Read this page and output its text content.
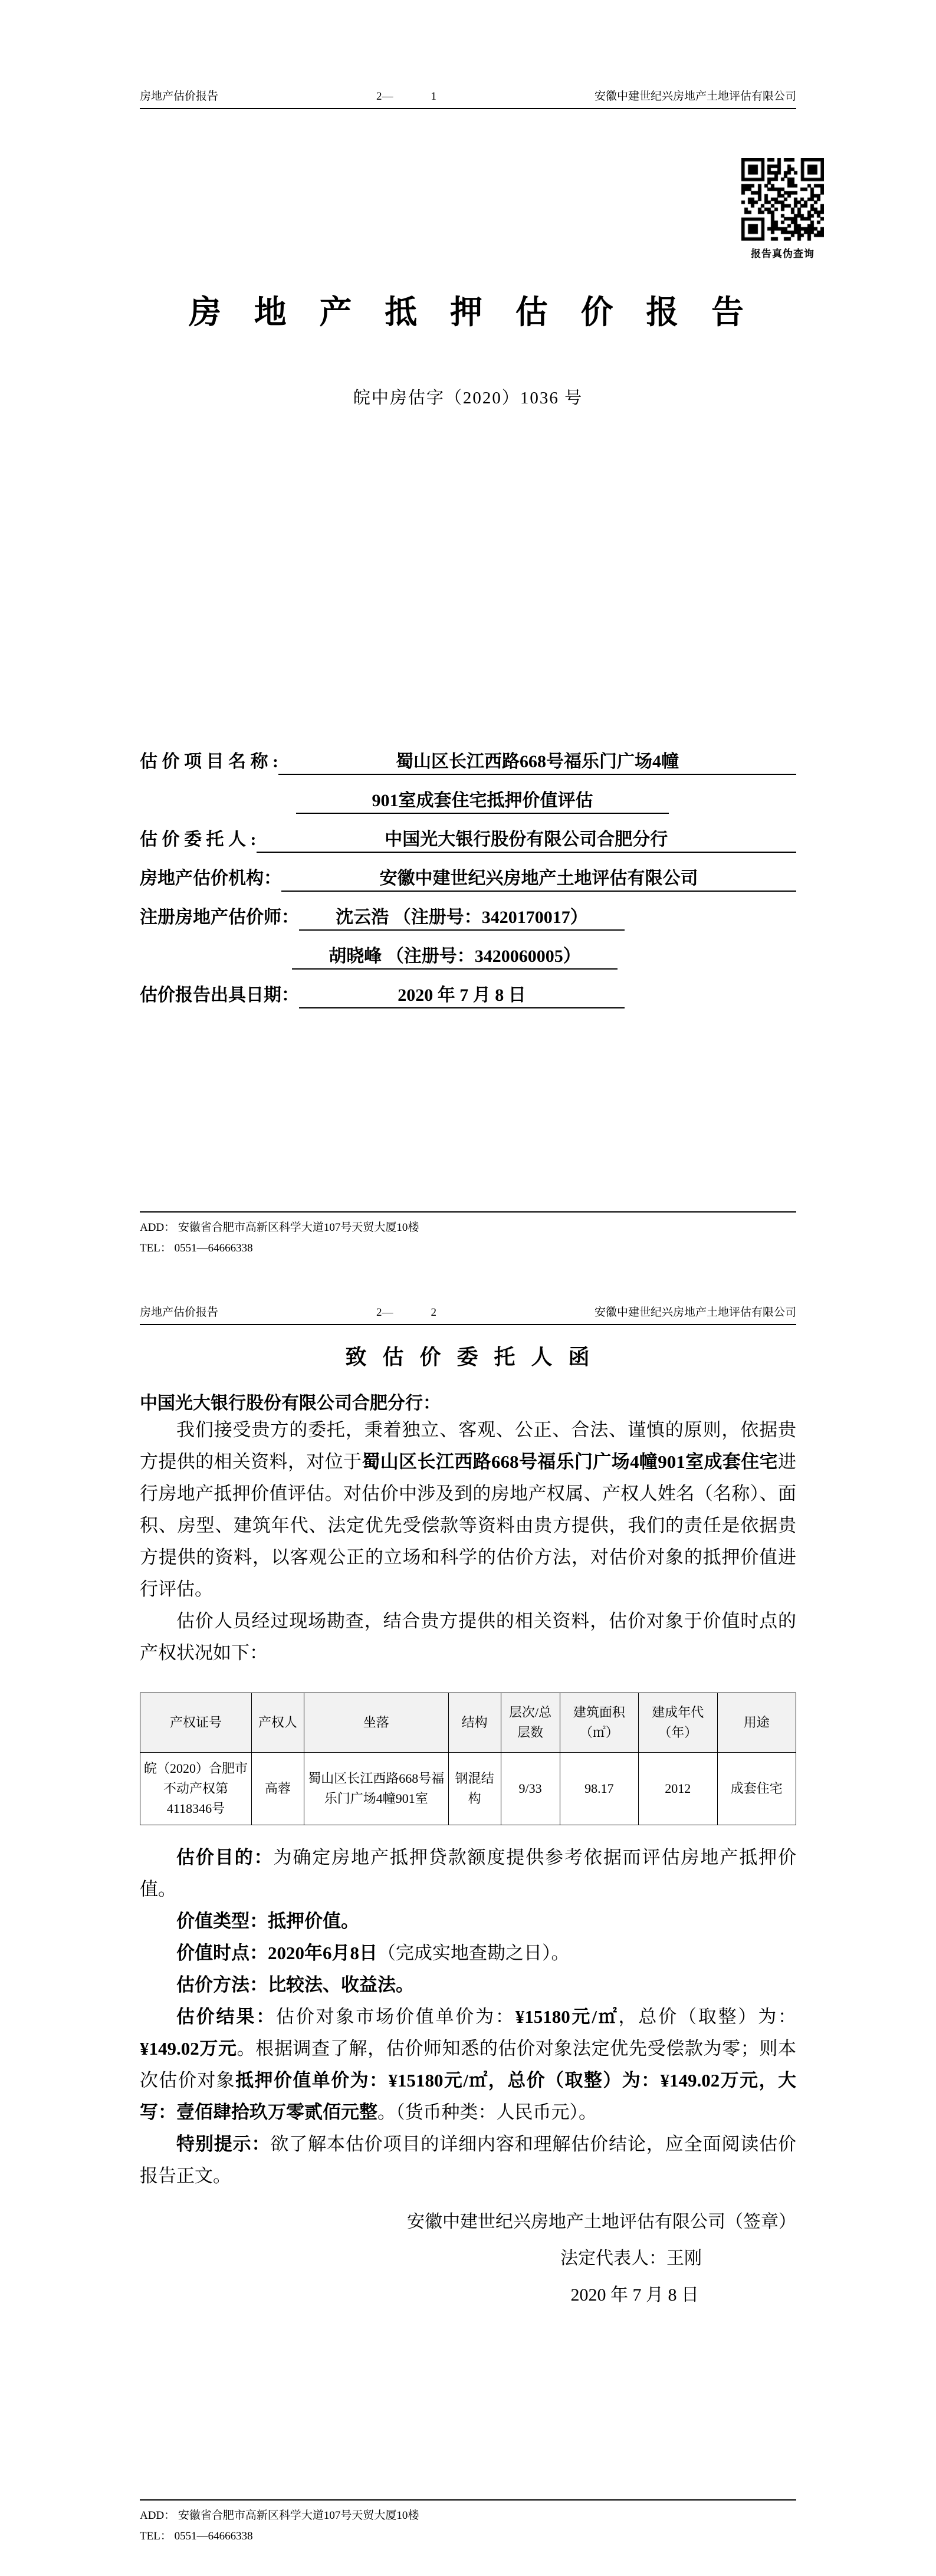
房地产估价报告	2—	1	安徽中建世纪兴房地产土地评估有限公司
报告真伪查询
房 地 产 抵 押 估 价 报 告
皖中房估字（2020）1036 号
估 价 项 目 名 称 :	蜀山区长江西路668号福乐门广场4幢
901室成套住宅抵押价值评估
估 价 委 托 人 :	中国光大银行股份有限公司合肥分行
房地产估价机构：	安徽中建世纪兴房地产土地评估有限公司
注册房地产估价师：	沈云浩 （注册号：3420170017）
胡晓峰 （注册号：3420060005）
估价报告出具日期：	2020 年 7 月 8 日
ADD： 安徽省合肥市高新区科学大道107号天贸大厦10楼
TEL： 0551—64666338
房地产估价报告	2—	2	安徽中建世纪兴房地产土地评估有限公司
致 估 价 委 托 人 函
中国光大银行股份有限公司合肥分行：

我们接受贵方的委托，秉着独立、客观、公正、合法、谨慎的原则，依据贵方提供的相关资料，对位于蜀山区长江西路668号福乐门广场4幢901室成套住宅进行房地产抵押价值评估。对估价中涉及到的房地产权属、产权人姓名（名称）、面积、房型、建筑年代、法定优先受偿款等资料由贵方提供，我们的责任是依据贵方提供的资料，以客观公正的立场和科学的估价方法，对估价对象的抵押价值进行评估。

估价人员经过现场勘查，结合贵方提供的相关资料，估价对象于价值时点的产权状况如下：

产权证号	产权人	坐落	结构	层次/总层数	建筑面积（㎡）	建成年代（年）	用途
皖（2020）合肥市不动产权第4118346号	高蓉	蜀山区长江西路668号福乐门广场4幢901室	钢混结构	9/33	98.17	2012	成套住宅

估价目的：为确定房地产抵押贷款额度提供参考依据而评估房地产抵押价值。

价值类型：抵押价值。

价值时点：2020年6月8日（完成实地查勘之日）。

估价方法：比较法、收益法。

估价结果：估价对象市场价值单价为：¥15180元/㎡，总价（取整）为：¥149.02万元。根据调查了解，估价师知悉的估价对象法定优先受偿款为零；则本次估价对象抵押价值单价为：¥15180元/㎡，总价（取整）为：¥149.02万元，大写：壹佰肆拾玖万零贰佰元整。（货币种类：人民币元）。

特别提示：欲了解本估价项目的详细内容和理解估价结论，应全面阅读估价报告正文。

安徽中建世纪兴房地产土地评估有限公司（签章）
法定代表人：王刚
2020 年 7 月 8 日
ADD： 安徽省合肥市高新区科学大道107号天贸大厦10楼
TEL： 0551—64666338
